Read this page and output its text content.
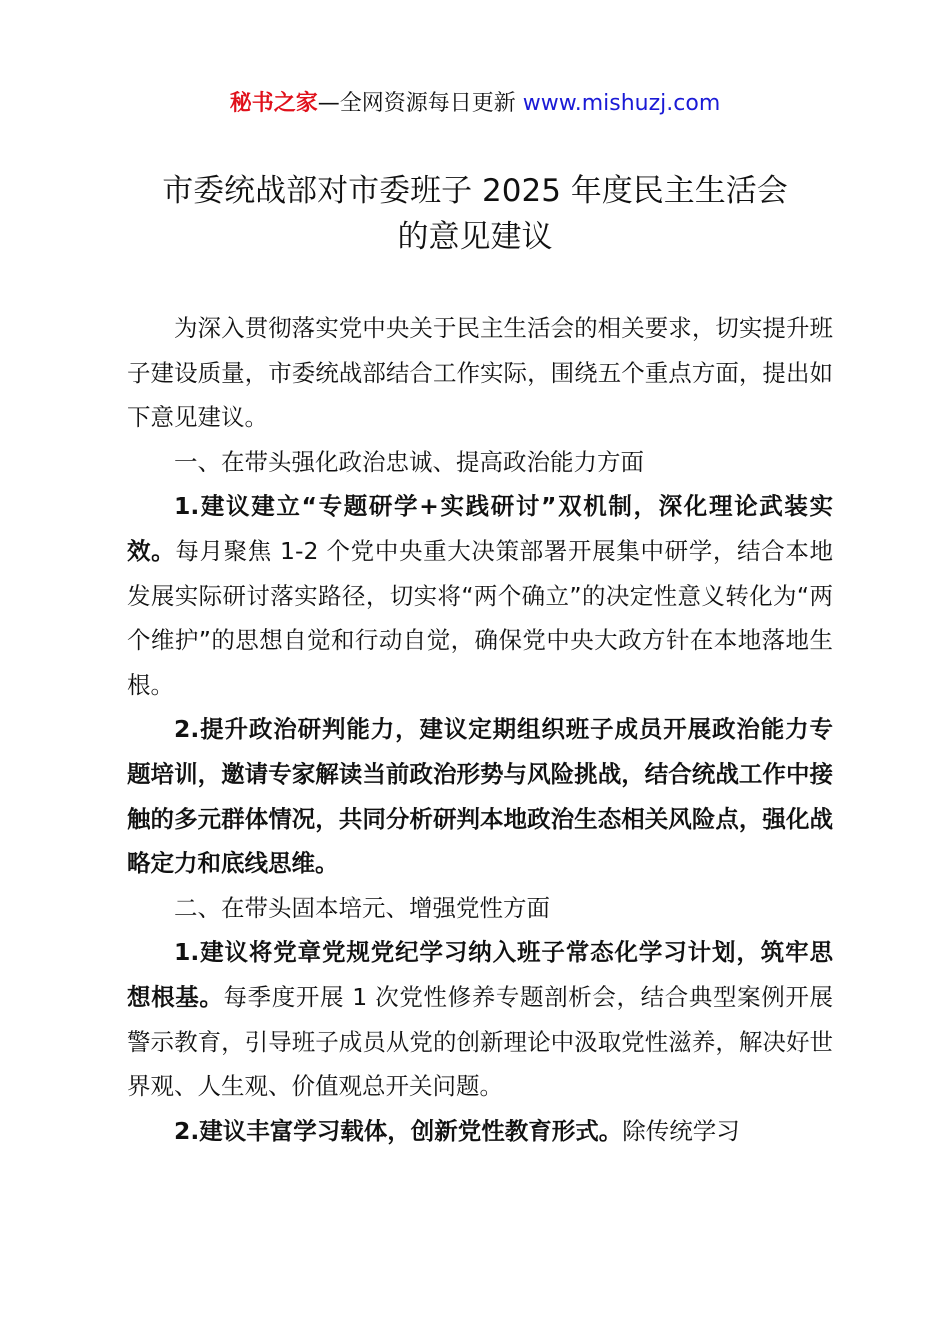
秘书之家—全网资源每日更新 www.mishuzj.com
市委统战部对市委班子 2025 年度民主生活会
的意见建议

为深入贯彻落实党中央关于民主生活会的相关要求，切实提升班子建设质量，市委统战部结合工作实际，围绕五个重点方面，提出如下意见建议。

一、在带头强化政治忠诚、提高政治能力方面

1.建议建立“专题研学+实践研讨”双机制，深化理论武装实效。每月聚焦 1-2 个党中央重大决策部署开展集中研学，结合本地发展实际研讨落实路径，切实将“两个确立”的决定性意义转化为“两个维护”的思想自觉和行动自觉，确保党中央大政方针在本地落地生根。

2.提升政治研判能力，建议定期组织班子成员开展政治能力专题培训，邀请专家解读当前政治形势与风险挑战，结合统战工作中接触的多元群体情况，共同分析研判本地政治生态相关风险点，强化战略定力和底线思维。

二、在带头固本培元、增强党性方面

1.建议将党章党规党纪学习纳入班子常态化学习计划，筑牢思想根基。每季度开展 1 次党性修养专题剖析会，结合典型案例开展警示教育，引导班子成员从党的创新理论中汲取党性滋养，解决好世界观、人生观、价值观总开关问题。

2.建议丰富学习载体，创新党性教育形式。除传统学习
